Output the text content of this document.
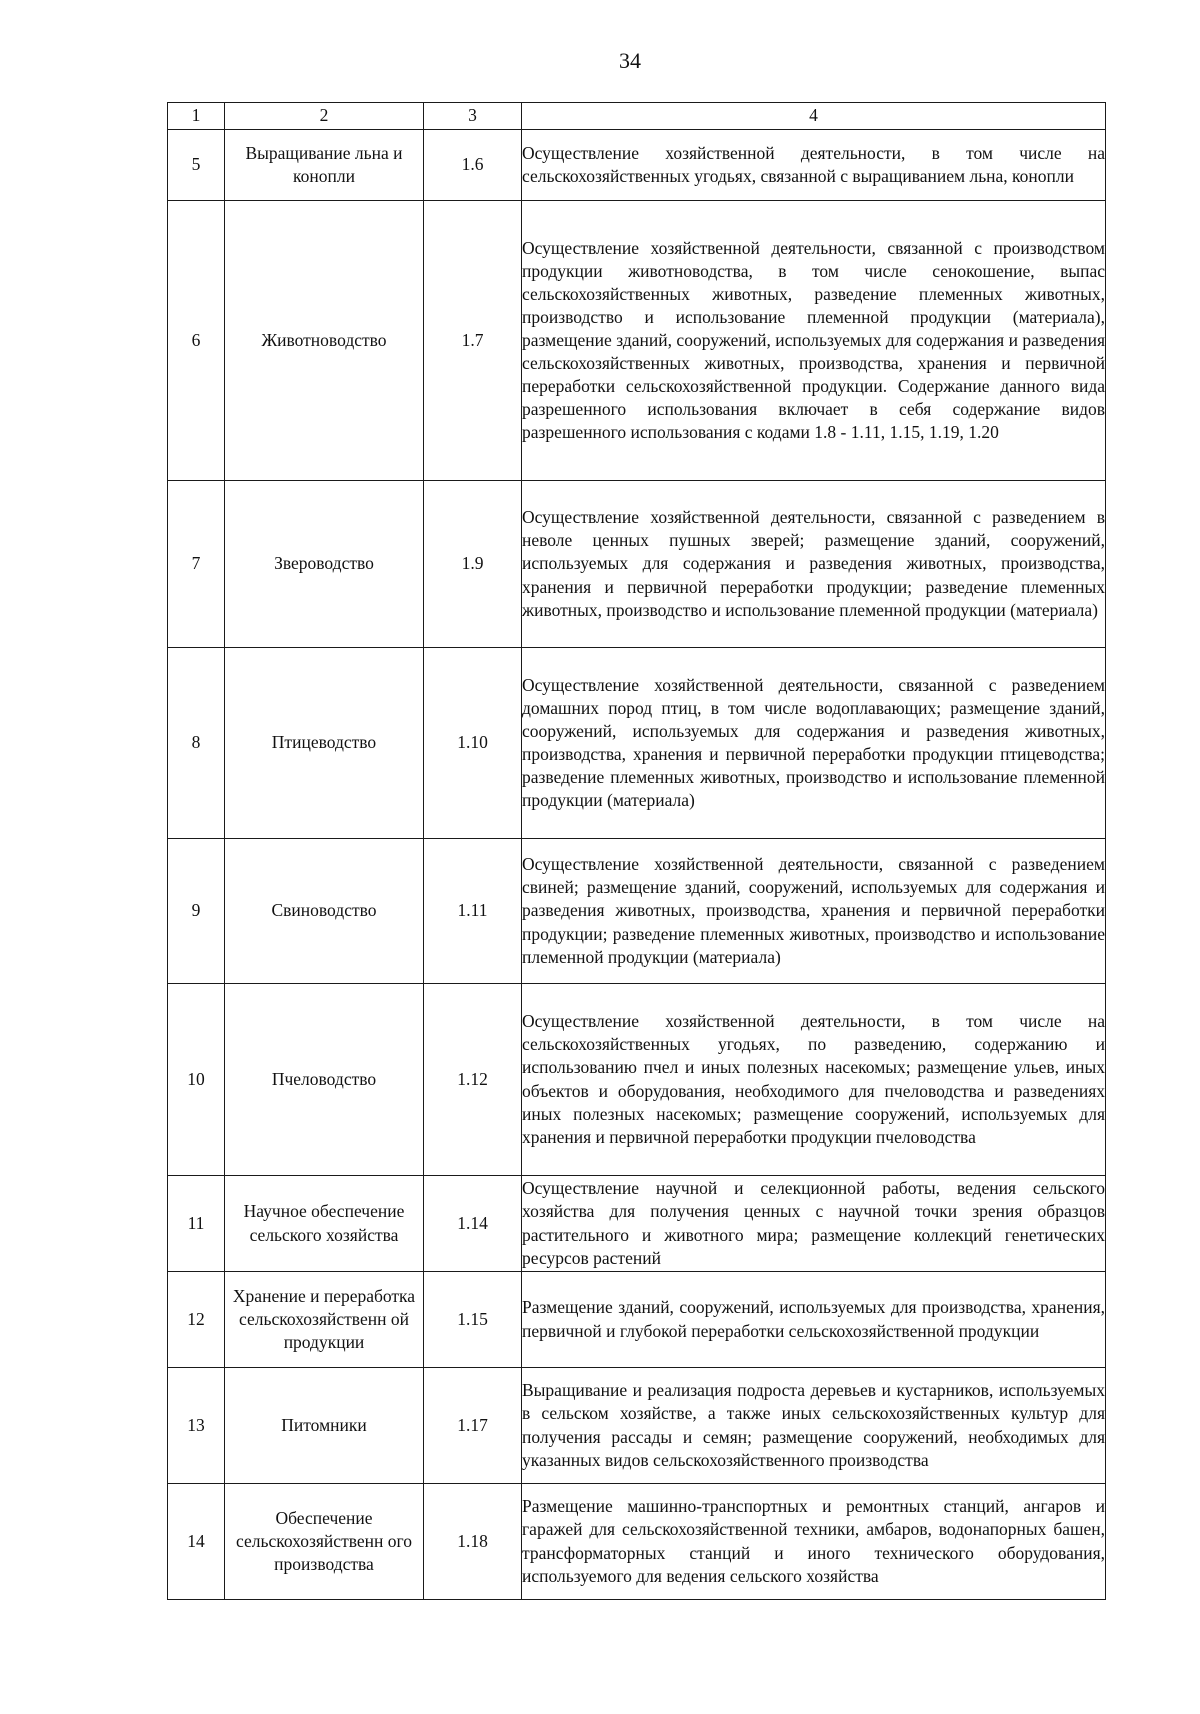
34
1	2	3	4
5	Выращивание льна и конопли	1.6	Осуществление хозяйственной деятельности, в том числе на сельскохозяйственных угодьях, связанной с выращиванием льна, конопли
6	Животноводство	1.7	Осуществление хозяйственной деятельности, связанной с производством продукции животноводства, в том числе сенокошение, выпас сельскохозяйственных животных, разведение племенных животных, производство и использование племенной продукции (материала), размещение зданий, сооружений, используемых для содержания и разведения сельскохозяйственных животных, производства, хранения и первичной переработки сельскохозяйственной продукции. Содержание данного вида разрешенного использования включает в себя содержание видов разрешенного использования с кодами 1.8 - 1.11, 1.15, 1.19, 1.20
7	Звероводство	1.9	Осуществление хозяйственной деятельности, связанной с разведением в неволе ценных пушных зверей; размещение зданий, сооружений, используемых для содержания и разведения животных, производства, хранения и первичной переработки продукции; разведение племенных животных, производство и использование племенной продукции (материала)
8	Птицеводство	1.10	Осуществление хозяйственной деятельности, связанной с разведением домашних пород птиц, в том числе водоплавающих; размещение зданий, сооружений, используемых для содержания и разведения животных, производства, хранения и первичной переработки продукции птицеводства; разведение племенных животных, производство и использование племенной продукции (материала)
9	Свиноводство	1.11	Осуществление хозяйственной деятельности, связанной с разведением свиней; размещение зданий, сооружений, используемых для содержания и разведения животных, производства, хранения и первичной переработки продукции; разведение племенных животных, производство и использование племенной продукции (материала)
10	Пчеловодство	1.12	Осуществление хозяйственной деятельности, в том числе на сельскохозяйственных угодьях, по разведению, содержанию и использованию пчел и иных полезных насекомых; размещение ульев, иных объектов и оборудования, необходимого для пчеловодства и разведениях иных полезных насекомых; размещение сооружений, используемых для хранения и первичной переработки продукции пчеловодства
11	Научное обеспечение сельского хозяйства	1.14	Осуществление научной и селекционной работы, ведения сельского хозяйства для получения ценных с научной точки зрения образцов растительного и животного мира; размещение коллекций генетических ресурсов растений
12	Хранение и переработка сельскохозяйственн ой продукции	1.15	Размещение зданий, сооружений, используемых для производства, хранения, первичной и глубокой переработки сельскохозяйственной продукции
13	Питомники	1.17	Выращивание и реализация подроста деревьев и кустарников, используемых в сельском хозяйстве, а также иных сельскохозяйственных культур для получения рассады и семян; размещение сооружений, необходимых для указанных видов сельскохозяйственного производства
14	Обеспечение сельскохозяйственн ого производства	1.18	Размещение машинно-транспортных и ремонтных станций, ангаров и гаражей для сельскохозяйственной техники, амбаров, водонапорных башен, трансформаторных станций и иного технического оборудования, используемого для ведения сельского хозяйства
